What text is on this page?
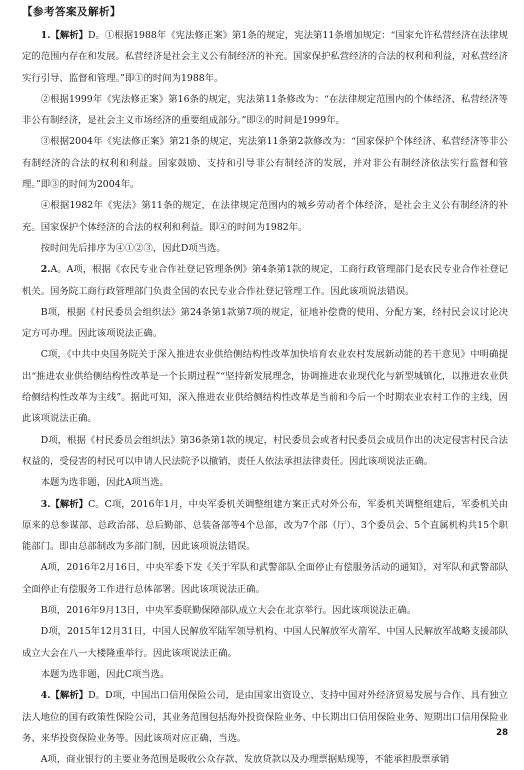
【参考答案及解析】

1.【解析】D。①根据1988年《宪法修正案》第1条的规定，宪法第11条增加规定：“国家允许私营经济在法律规定的范围内存在和发展。私营经济是社会主义公有制经济的补充。国家保护私营经济的合法的权利和利益，对私营经济实行引导、监督和管理。”即①的时间为1988年。

②根据1999年《宪法修正案》第16条的规定，宪法第11条修改为：“在法律规定范围内的个体经济、私营经济等非公有制经济，是社会主义市场经济的重要组成部分。”即②的时间是1999年。

③根据2004年《宪法修正案》第21条的规定，宪法第11条第2款修改为：“国家保护个体经济、私营经济等非公有制经济的合法的权利和利益。国家鼓励、支持和引导非公有制经济的发展，并对非公有制经济依法实行监督和管理。”即③的时间为2004年。

④根据1982年《宪法》第11条的规定，在法律规定范围内的城乡劳动者个体经济，是社会主义公有制经济的补充。国家保护个体经济的合法的权利和利益。即④的时间为1982年。

按时间先后排序为④①②③，因此D项当选。

2.A。A项，根据《农民专业合作社登记管理条例》第4条第1款的规定，工商行政管理部门是农民专业合作社登记机关。国务院工商行政管理部门负责全国的农民专业合作社登记管理工作。因此该项说法错误。

B项，根据《村民委员会组织法》第24条第1款第7项的规定，征地补偿费的使用、分配方案，经村民会议讨论决定方可办理。因此该项说法正确。

C项，《中共中央国务院关于深入推进农业供给侧结构性改革加快培育农业农村发展新动能的若干意见》中明确提出“推进农业供给侧结构性改革是一个长期过程”“坚持新发展理念，协调推进农业现代化与新型城镇化，以推进农业供给侧结构性改革为主线”。据此可知，深入推进农业供给侧结构性改革是当前和今后一个时期农业农村工作的主线，因此该项说法正确。

D项，根据《村民委员会组织法》第36条第1款的规定，村民委员会或者村民委员会成员作出的决定侵害村民合法权益的，受侵害的村民可以申请人民法院予以撤销，责任人依法承担法律责任。因此该项说法正确。

本题为选非题，因此A项当选。

3.【解析】C。C项，2016年1月，中央军委机关调整组建方案正式对外公布，军委机关调整组建后，军委机关由原来的总参谋部、总政治部、总后勤部、总装备部等4个总部，改为7个部（厅）、3个委员会、5个直属机构共15个职能部门。即由总部制改为多部门制，因此该项说法错误。

A项，2016年2月16日，中央军委下发《关于军队和武警部队全面停止有偿服务活动的通知》，对军队和武警部队全面停止有偿服务工作进行总体部署。因此该项说法正确。

B项，2016年9月13日，中央军委联勤保障部队成立大会在北京举行。因此该项说法正确。

D项，2015年12月31日，中国人民解放军陆军领导机构、中国人民解放军火箭军、中国人民解放军战略支援部队成立大会在八一大楼隆重举行。因此该项说法正确。

本题为选非题，因此C项当选。

4.【解析】D。D项，中国出口信用保险公司，是由国家出资设立、支持中国对外经济贸易发展与合作、具有独立法人地位的国有政策性保险公司，其业务范围包括海外投资保险业务、中长期出口信用保险业务、短期出口信用保险业务、来华投资保险业务等。因此该项对应正确，当选。

A项，商业银行的主要业务范围是吸收公众存款、发放贷款以及办理票据贴现等，不能承担股票承销

28
